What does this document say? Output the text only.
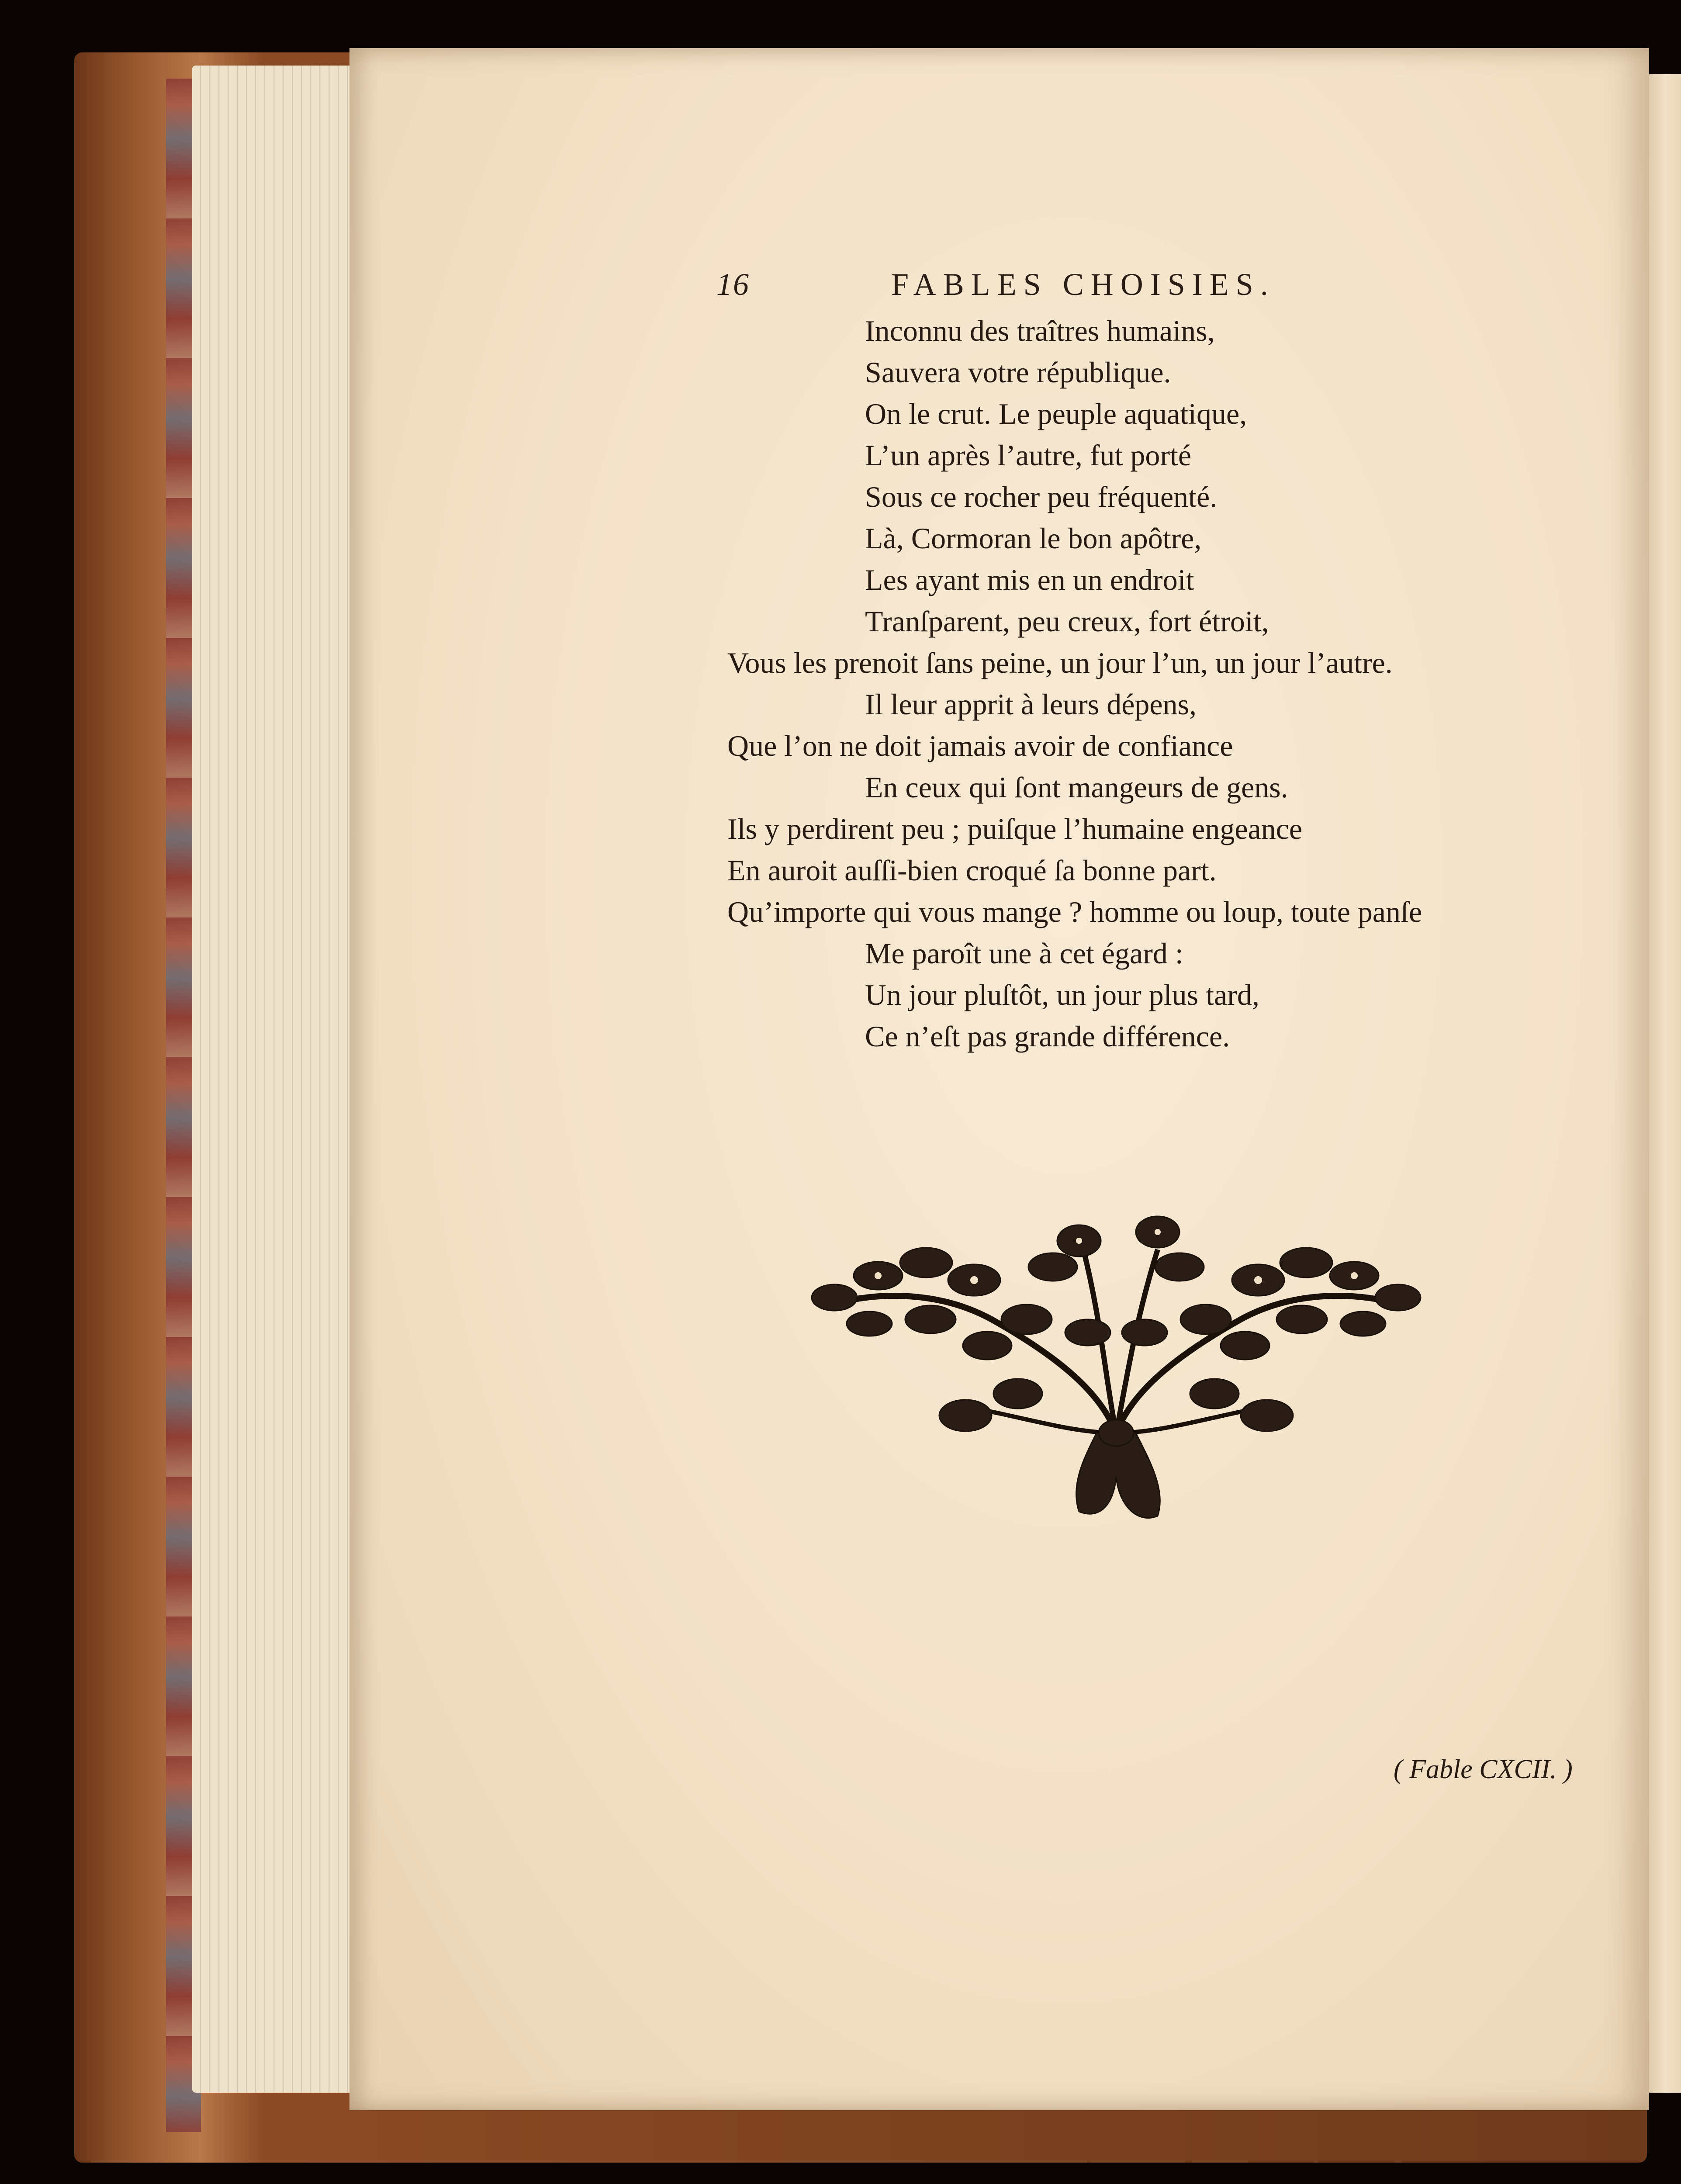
16	FABLES CHOISIES.
Inconnu des traîtres humains,
Sauvera votre république.
On le crut. Le peuple aquatique,
L’un après l’autre, fut porté
Sous ce rocher peu fréquenté.
Là, Cormoran le bon apôtre,
Les ayant mis en un endroit
Tranſparent, peu creux, fort étroit,
Vous les prenoit ſans peine, un jour l’un, un jour l’autre.
Il leur apprit à leurs dépens,
Que l’on ne doit jamais avoir de confiance
En ceux qui ſont mangeurs de gens.
Ils y perdirent peu ; puiſque l’humaine engeance
En auroit auſſi-bien croqué ſa bonne part.
Qu’importe qui vous mange ? homme ou loup, toute panſe
Me paroît une à cet égard :
Un jour pluſtôt, un jour plus tard,
Ce n’eſt pas grande différence.
( Fable CXCII. )
